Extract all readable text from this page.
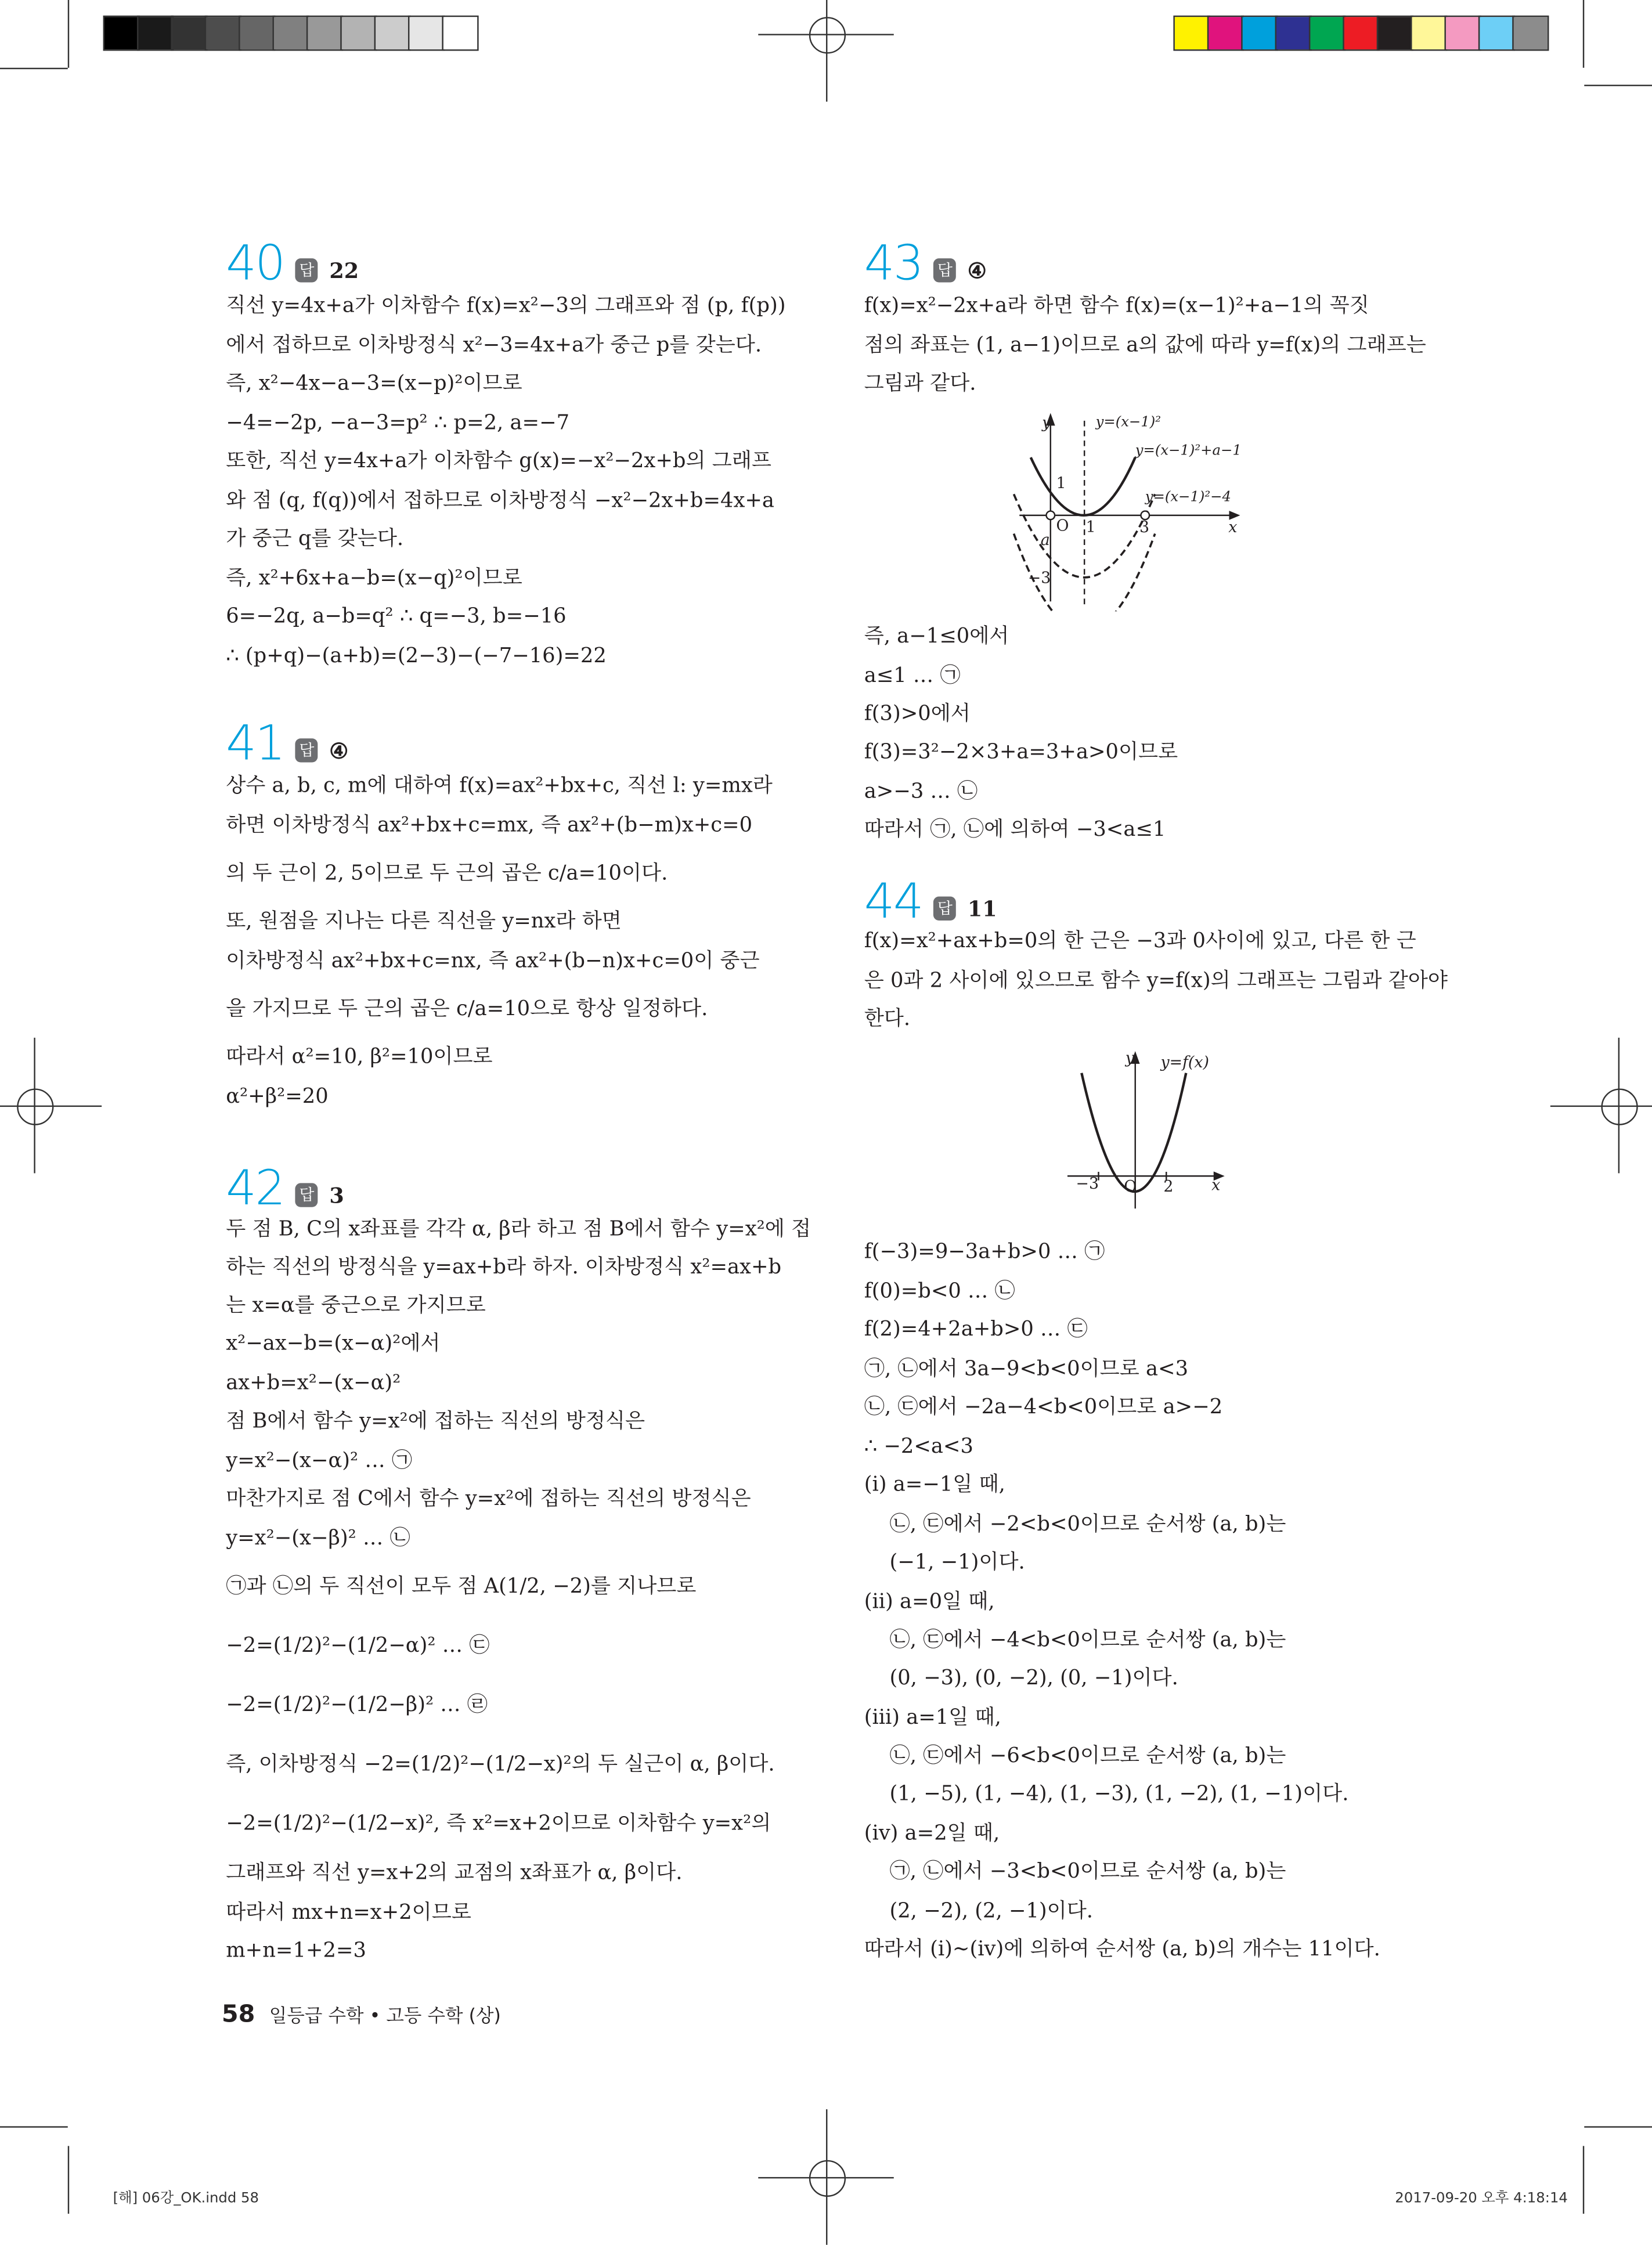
40	답	22
직선 y=4x+a가 이차함수 f(x)=x²−3의 그래프와 점 (p, f(p))
에서 접하므로 이차방정식 x²−3=4x+a가 중근 p를 갖는다.
즉, x²−4x−a−3=(x−p)²이므로
−4=−2p, −a−3=p² ∴ p=2, a=−7
또한, 직선 y=4x+a가 이차함수 g(x)=−x²−2x+b의 그래프
와 점 (q, f(q))에서 접하므로 이차방정식 −x²−2x+b=4x+a
가 중근 q를 갖는다.
즉, x²+6x+a−b=(x−q)²이므로
6=−2q, a−b=q² ∴ q=−3, b=−16
∴ (p+q)−(a+b)=(2−3)−(−7−16)=22
41	답	④
상수 a, b, c, m에 대하여 f(x)=ax²+bx+c, 직선 l: y=mx라
하면 이차방정식 ax²+bx+c=mx, 즉 ax²+(b−m)x+c=0
의 두 근이 2, 5이므로 두 근의 곱은 c/a=10이다.
또, 원점을 지나는 다른 직선을 y=nx라 하면
이차방정식 ax²+bx+c=nx, 즉 ax²+(b−n)x+c=0이 중근
을 가지므로 두 근의 곱은 c/a=10으로 항상 일정하다.
따라서 α²=10, β²=10이므로
α²+β²=20
42	답	3
두 점 B, C의 x좌표를 각각 α, β라 하고 점 B에서 함수 y=x²에 접
하는 직선의 방정식을 y=ax+b라 하자. 이차방정식 x²=ax+b
는 x=α를 중근으로 가지므로
x²−ax−b=(x−α)²에서
ax+b=x²−(x−α)²
점 B에서 함수 y=x²에 접하는 직선의 방정식은
y=x²−(x−α)² … ㉠
마찬가지로 점 C에서 함수 y=x²에 접하는 직선의 방정식은
y=x²−(x−β)² … ㉡
㉠과 ㉡의 두 직선이 모두 점 A(1/2, −2)를 지나므로
−2=(1/2)²−(1/2−α)² … ㉢
−2=(1/2)²−(1/2−β)² … ㉣
즉, 이차방정식 −2=(1/2)²−(1/2−x)²의 두 실근이 α, β이다.
−2=(1/2)²−(1/2−x)², 즉 x²=x+2이므로 이차함수 y=x²의
그래프와 직선 y=x+2의 교점의 x좌표가 α, β이다.
따라서 mx+n=x+2이므로
m+n=1+2=3
43	답	④
f(x)=x²−2x+a라 하면 함수 f(x)=(x−1)²+a−1의 꼭짓
점의 좌표는 (1, a−1)이므로 a의 값에 따라 y=f(x)의 그래프는
그림과 같다.
즉, a−1≤0에서
a≤1 … ㉠
f(3)>0에서
f(3)=3²−2×3+a=3+a>0이므로
a>−3 … ㉡
따라서 ㉠, ㉡에 의하여 −3<a≤1
44	답	11
f(x)=x²+ax+b=0의 한 근은 −3과 0사이에 있고, 다른 한 근
은 0과 2 사이에 있으므로 함수 y=f(x)의 그래프는 그림과 같아야
한다.
f(−3)=9−3a+b>0 … ㉠
f(0)=b<0 … ㉡
f(2)=4+2a+b>0 … ㉢
㉠, ㉡에서 3a−9<b<0이므로 a<3
㉡, ㉢에서 −2a−4<b<0이므로 a>−2
∴ −2<a<3
(ⅰ) a=−1일 때,
㉡, ㉢에서 −2<b<0이므로 순서쌍 (a, b)는
(−1, −1)이다.
(ⅱ) a=0일 때,
㉡, ㉢에서 −4<b<0이므로 순서쌍 (a, b)는
(0, −3), (0, −2), (0, −1)이다.
(ⅲ) a=1일 때,
㉡, ㉢에서 −6<b<0이므로 순서쌍 (a, b)는
(1, −5), (1, −4), (1, −3), (1, −2), (1, −1)이다.
(ⅳ) a=2일 때,
㉠, ㉡에서 −3<b<0이므로 순서쌍 (a, b)는
(2, −2), (2, −1)이다.
따라서 (ⅰ)~(ⅳ)에 의하여 순서쌍 (a, b)의 개수는 11이다.
y
x
O	1
1
3
a
−3
y=(x−1)²
y=(x−1)²+a−1
y=(x−1)²−4
y
x
O
−3	2
y=f(x)
58 일등급 수학 • 고등 수학 (상)
[해] 06강_OK.indd 58	2017-09-20 오후 4:18:14
